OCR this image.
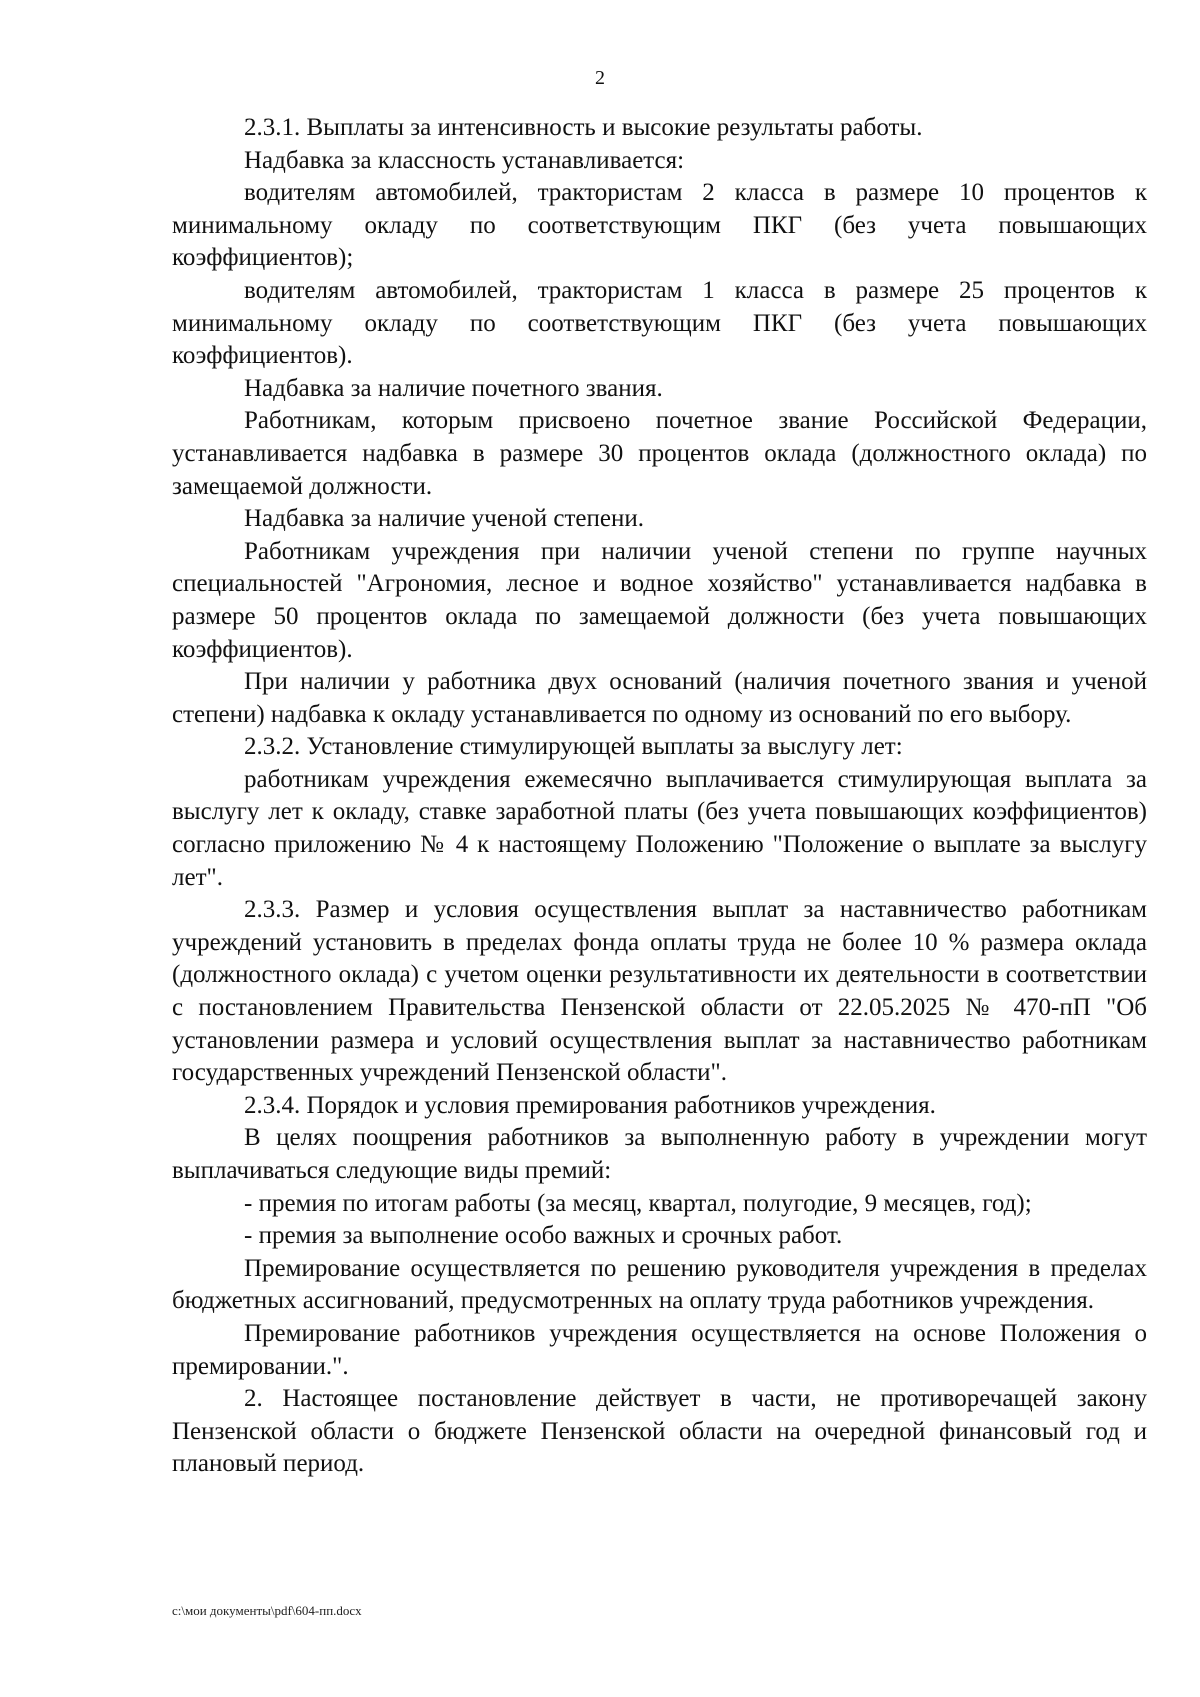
2

2.3.1. Выплаты за интенсивность и высокие результаты работы.

Надбавка за классность устанавливается:

водителям автомобилей, трактористам 2 класса в размере 10 процентов к минимальному окладу по соответствующим ПКГ (без учета повышающих коэффициентов);

водителям автомобилей, трактористам 1 класса в размере 25 процентов к минимальному окладу по соответствующим ПКГ (без учета повышающих коэффициентов).

Надбавка за наличие почетного звания.

Работникам, которым присвоено почетное звание Российской Федерации, устанавливается надбавка в размере 30 процентов оклада (должностного оклада) по замещаемой должности.

Надбавка за наличие ученой степени.

Работникам учреждения при наличии ученой степени по группе научных специальностей "Агрономия, лесное и водное хозяйство" устанавливается надбавка в размере 50 процентов оклада по замещаемой должности (без учета повышающих коэффициентов).

При наличии у работника двух оснований (наличия почетного звания и ученой степени) надбавка к окладу устанавливается по одному из оснований по его выбору.

2.3.2. Установление стимулирующей выплаты за выслугу лет:

работникам учреждения ежемесячно выплачивается стимулирующая выплата за выслугу лет к окладу, ставке заработной платы (без учета повышающих коэффициентов) согласно приложению № 4 к настоящему Положению "Положение о выплате за выслугу лет".

2.3.3. Размер и условия осуществления выплат за наставничество работникам учреждений установить в пределах фонда оплаты труда не более 10 % размера оклада (должностного оклада) с учетом оценки результативности их деятельности в соответствии с постановлением Правительства Пензенской области от 22.05.2025 № 470-пП "Об установлении размера и условий осуществления выплат за наставничество работникам государственных учреждений Пензенской области".

2.3.4. Порядок и условия премирования работников учреждения.

В целях поощрения работников за выполненную работу в учреждении могут выплачиваться следующие виды премий:

- премия по итогам работы (за месяц, квартал, полугодие, 9 месяцев, год);

- премия за выполнение особо важных и срочных работ.

Премирование осуществляется по решению руководителя учреждения в пределах бюджетных ассигнований, предусмотренных на оплату труда работников учреждения.

Премирование работников учреждения осуществляется на основе Положения о премировании.".

2. Настоящее постановление действует в части, не противоречащей закону Пензенской области о бюджете Пензенской области на очередной финансовый год и плановый период.

c:\мои документы\pdf\604-пп.docx
